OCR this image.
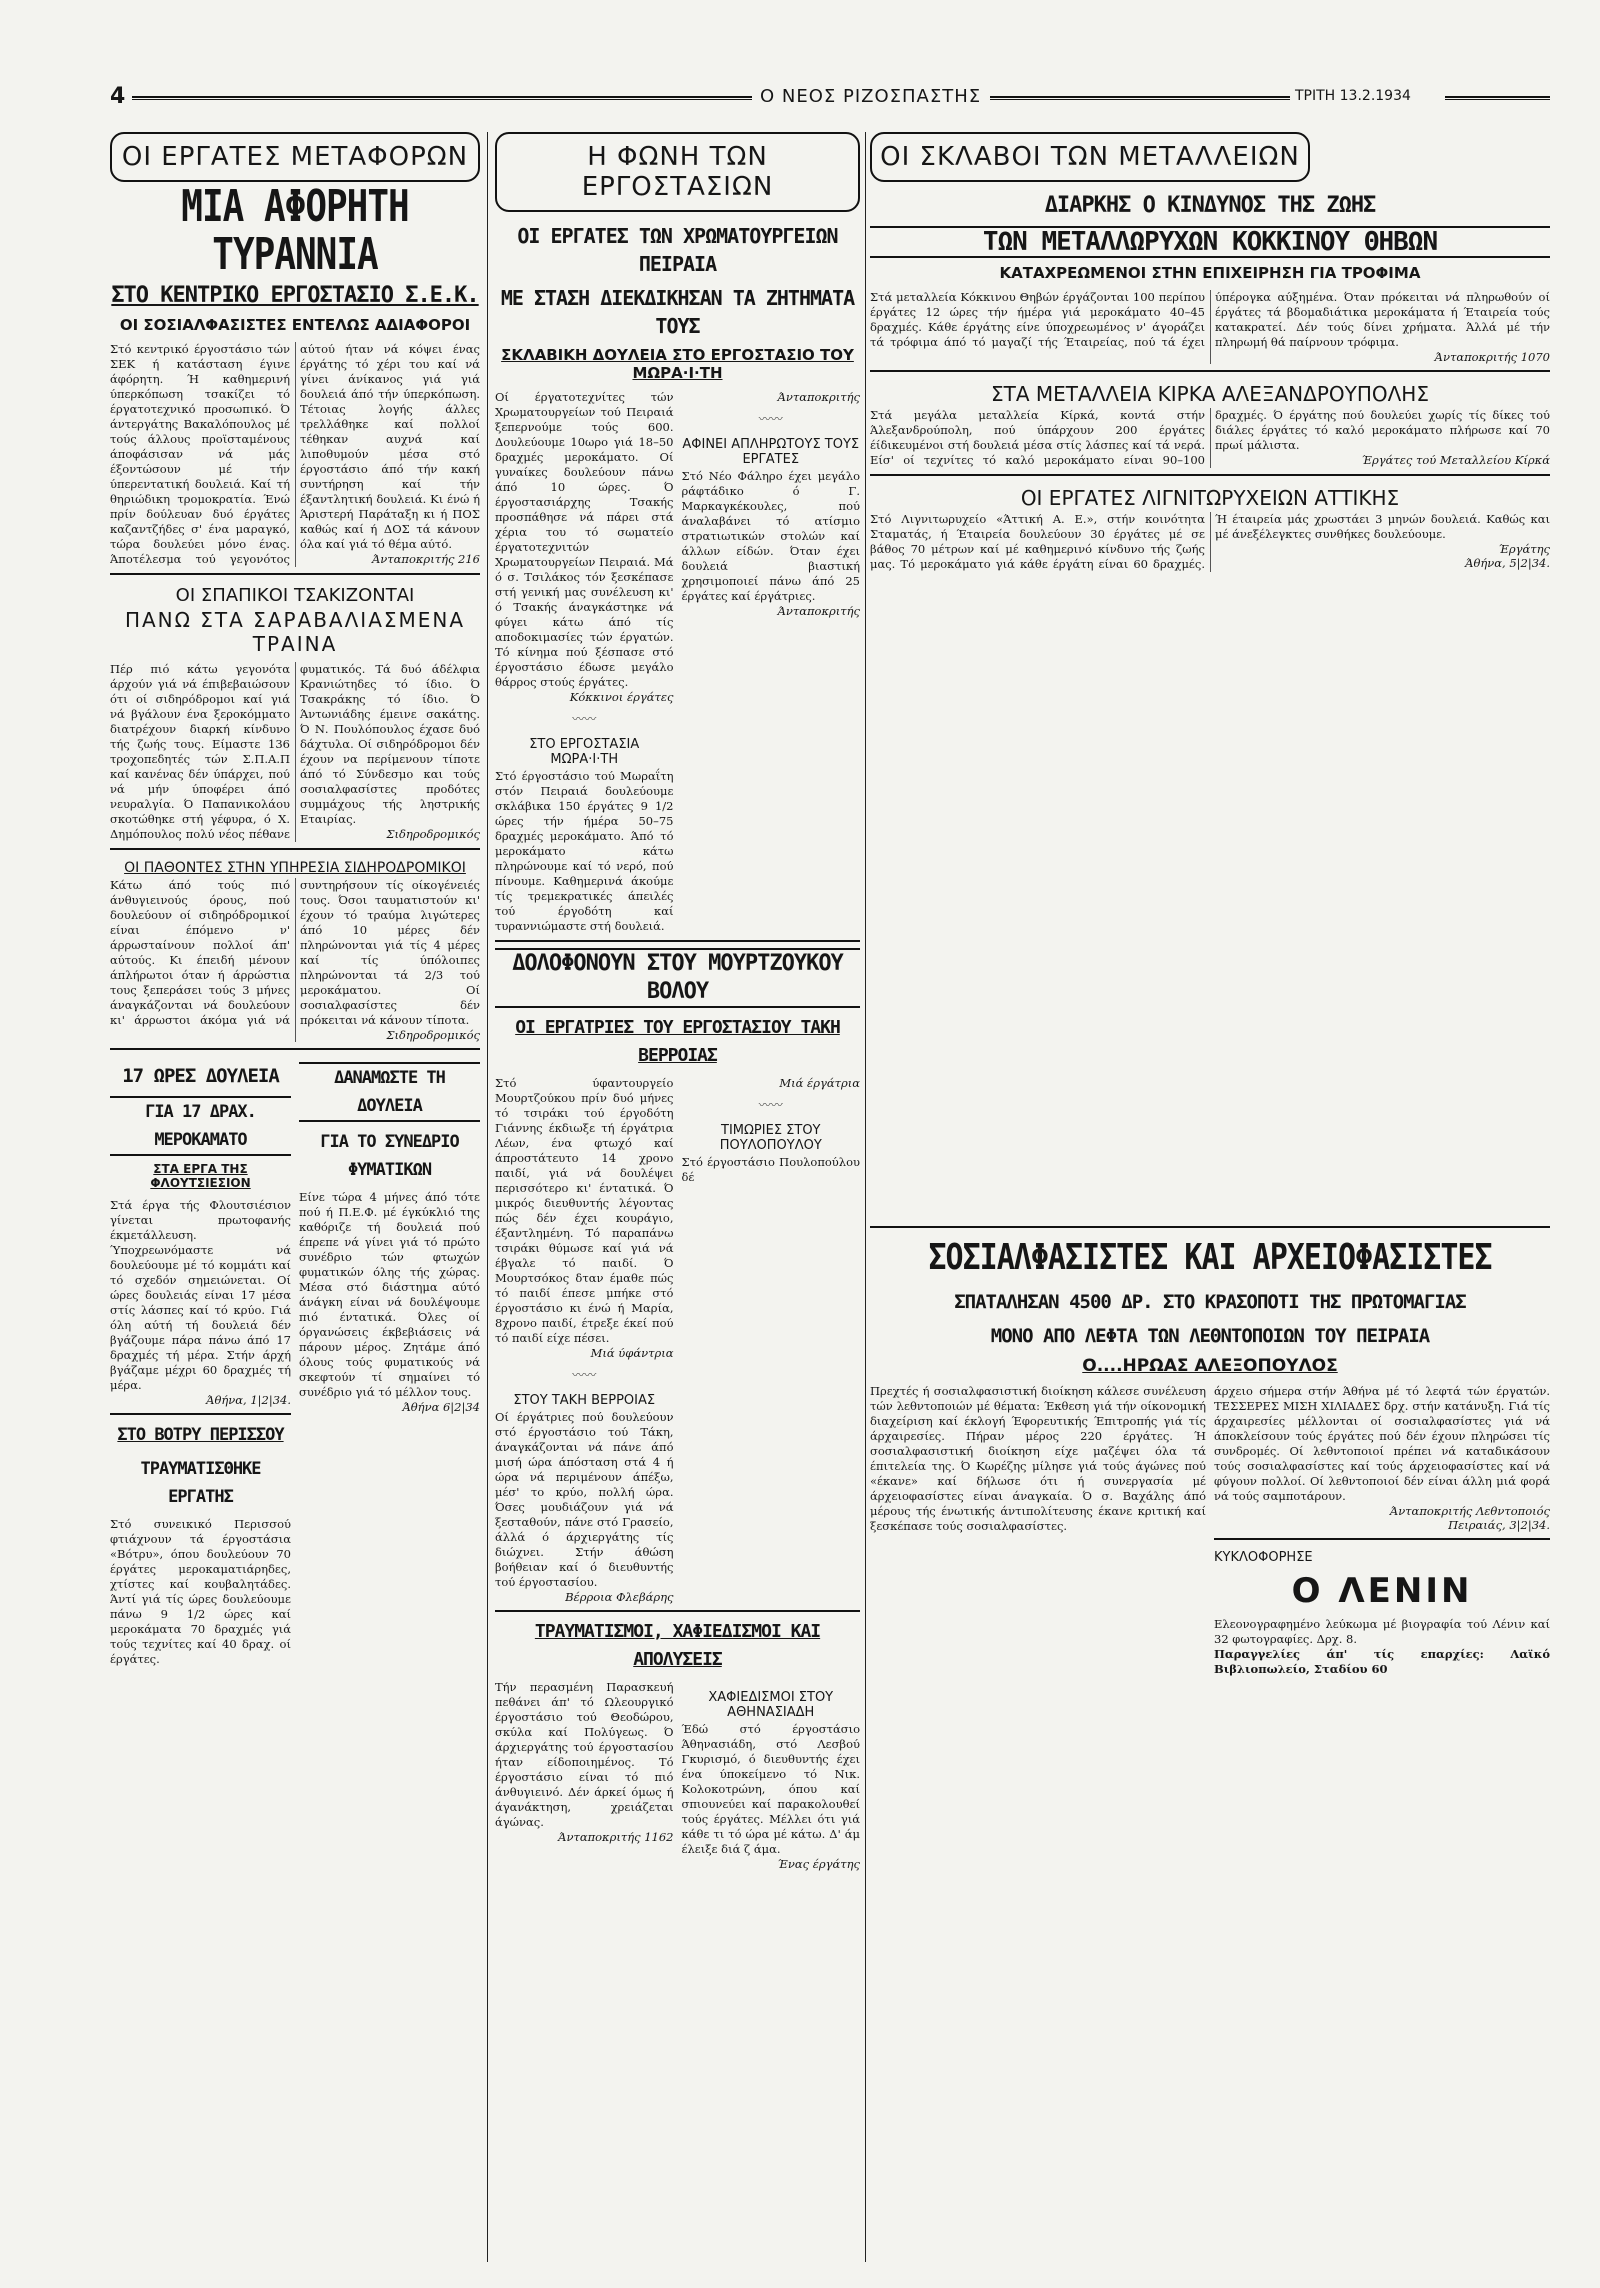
4	Ο ΝΕΟΣ ΡΙΖΟΣΠΑΣΤΗΣ	ΤΡΙΤΗ 13.2.1934
ΟΙ ΕΡΓΑΤΕΣ ΜΕΤΑΦΟΡΩΝ
ΜΙΑ ΑΦΟΡΗΤΗ ΤΥΡΑΝΝΙΑ
ΣΤΟ ΚΕΝΤΡΙΚΟ ΕΡΓΟΣΤΑΣΙΟ Σ.Ε.Κ.
ΟΙ ΣΟΣΙΑΛΦΑΣΙΣΤΕΣ ΕΝΤΕΛΩΣ ΑΔΙΑΦΟΡΟΙ
Στό κεντρικό έργοστάσιο τών ΣΕΚ ή κατάσταση έγινε άφόρητη. Ή καθημερινή ύπερκόπωση τσακίζει τό έργατοτεχνικό προσωπικό. Ό άντεργάτης Βακαλόπουλος μέ τούς άλλους προϊσταμένους άποφάσισαν νά μάς έξοντώσουν μέ τήν ύπερεντατική δουλειά. Καί τή θηριώδικη τρομοκρατία. Ένώ πρίν δούλευαν δυό έργάτες καζαντζήδες σ' ένα μαραγκό, τώρα δουλεύει μόνο ένας. Άποτέλεσμα τού γεγονότος αύτού ήταν νά κόψει ένας έργάτης τό χέρι του καί νά γίνει άνίκανος γιά γιά δουλειά άπό τήν ύπερκόπωση. Τέτοιας λογής άλλες τρελλάθηκε καί πολλοί τέθηκαν αυχνά καί λιποθυμούν μέσα στό έργοστάσιο άπό τήν κακή συντήρηση καί τήν έξαντλητική δουλειά. Κι ένώ ή Άριστερή Παράταξη κι ή ΠΟΣ καθώς καί ή ΔΟΣ τά κάνουν όλα καί γιά τό θέμα αύτό.
Άνταποκριτής 216
ΟΙ ΣΠΑΠΙΚΟΙ ΤΣΑΚΙΖΟΝΤΑΙ
ΠΑΝΩ ΣΤΑ ΣΑΡΑΒΑΛΙΑΣΜΕΝΑ ΤΡΑΙΝΑ
Πέρ πιό κάτω γεγονότα άρχούν γιά νά έπιβεβαιώσουν ότι οί σιδηρόδρομοι καί γιά νά βγάλουν ένα ξεροκόμματο διατρέχουν διαρκή κίνδυνο τής ζωής τους. Είμαστε 136 τροχοπεδητές τών Σ.Π.Α.Π καί κανένας δέν ύπάρχει, πού νά μήν ύποφέρει άπό νευραλγία. Ό Παπανικολάου σκοτώθηκε στή γέφυρα, ό Χ. Δημόπουλος πολύ νέος πέθανε φυματικός. Τά δυό άδέλφια Κρανιώτηδες τό ίδιο. Ό Τσακράκης τό ίδιο. Ό Άντωνιάδης έμεινε σακάτης. Ό Ν. Πουλόπουλος έχασε δυό δάχτυλα. Οί σιδηρόδρομοι δέν έχουν να περίμενουν τίποτε άπό τό Σύνδεσμο και τούς σοσιαλφασίστες προδότες συμμάχους τής ληστρικής Εταιρίας.
Σιδηροδρομικός
ΟΙ ΠΑΘΟΝΤΕΣ ΣΤΗΝ ΥΠΗΡΕΣΙΑ ΣΙΔΗΡΟΔΡΟΜΙΚΟΙ
Κάτω άπό τούς πιό άνθυγιεινούς όρους, πού δουλεύουν οί σιδηρόδρομικοί είναι έπόμενο ν' άρρωσταίνουν πολλοί άπ' αύτούς. Κι έπειδή μένουν άπλήρωτοι όταν ή άρρώστια τους ξεπεράσει τούς 3 μήνες άναγκάζονται νά δουλεύουν κι' άρρωστοι άκόμα γιά νά συντηρήσουν τίς οίκογένειές τους. Όσοι ταυματιστούν κι' έχουν τό τραύμα λιγώτερες άπό 10 μέρες δέν πληρώνονται γιά τίς 4 μέρες καί τίς ύπόλοιπες πληρώνονται τά 2/3 τού μεροκάματου. Οί σοσιαλφασίστες δέν πρόκειται νά κάνουν τίποτα.
Σιδηροδρομικός
17 ΩΡΕΣ ΔΟΥΛΕΙΑ
ΓΙΑ 17 ΔΡΑΧ. ΜΕΡΟΚΑΜΑΤΟ
ΣΤΑ ΕΡΓΑ ΤΗΣ ΦΛΟΥΤΣΙΕΣΙΟΝ
Στά έργα τής Φλουτσιέσιον γίνεται πρωτοφανής έκμετάλλευση. Ύποχρεωνόμαστε νά δουλεύουμε μέ τό κομμάτι καί τό σχεδόν σημειώνεται. Οί ώρες δουλειάς είναι 17 μέσα στίς λάσπες καί τό κρύο. Γιά όλη αύτή τή δουλειά δέν βγάζουμε πάρα πάνω άπό 17 δραχμές τή μέρα. Στήν άρχή βγάζαμε μέχρι 60 δραχμές τή μέρα.
Άθήνα, 1|2|34.
ΣΤΟ ΒΟΤΡΥ ΠΕΡΙΣΣΟΥ
ΤΡΑΥΜΑΤΙΣΘΗΚΕ ΕΡΓΑΤΗΣ
Στό συνεικικό Περισσού φτιάχνουν τά έργοστάσια «Βότρυ», όπου δουλεύουν 70 έργάτες μεροκαματιάρηδες, χτίστες καί κουβαλητάδες. Άντί γιά τίς ώρες δουλεύουμε πάνω 9 1/2 ώρες καί μεροκάματα 70 δραχμές γιά τούς τεχνίτες καί 40 δραχ. οί έργάτες.
ΔΑΝΑΜΩΣΤΕ ΤΗ ΔΟΥΛΕΙΑ
ΓΙΑ ΤΟ ΣΥΝΕΔΡΙΟ ΦΥΜΑΤΙΚΩΝ
Είνε τώρα 4 μήνες άπό τότε πού ή Π.Ε.Φ. μέ έγκύκλιό της καθόριζε τή δουλειά πού έπρεπε νά γίνει γιά τό πρώτο συνέδριο τών φτωχών φυματικών όλης τής χώρας. Μέσα στό διάστημα αύτό άνάγκη είναι νά δουλέψουμε πιό έντατικά. Όλες οί όργανώσεις έκβεβιάσεις νά πάρουν μέρος. Ζητάμε άπό όλους τούς φυματικούς νά σκεφτούν τί σημαίνει τό συνέδριο γιά τό μέλλον τους.
Άθήνα 6|2|34
Η ΦΩΝΗ ΤΩΝ ΕΡΓΟΣΤΑΣΙΩΝ
ΟΙ ΕΡΓΑΤΕΣ ΤΩΝ ΧΡΩΜΑΤΟΥΡΓΕΙΩΝ ΠΕΙΡΑΙΑ
ΜΕ ΣΤΑΣΗ ΔΙΕΚΔΙΚΗΣΑΝ ΤΑ ΖΗΤΗΜΑΤΑ ΤΟΥΣ
ΣΚΛΑΒΙΚΗ ΔΟΥΛΕΙΑ ΣΤΟ ΕΡΓΟΣΤΑΣΙΟ ΤΟΥ ΜΩΡΑ·Ι·ΤΗ
Οί έργατοτεχνίτες τών Χρωματουργείων τού Πειραιά ξεπερνούμε τούς 600. Δουλεύουμε 10ωρο γιά 18–50 δραχμές μεροκάματο. Οί γυναίκες δουλεύουν πάνω άπό 10 ώρες. Ό έργοστασιάρχης Τσακής προσπάθησε νά πάρει στά χέρια του τό σωματείο έργατοτεχνιτών Χρωματουργείων Πειραιά. Μά ό σ. Τσιλάκος τόν ξεσκέπασε στή γενική μας συνέλευση κι' ό Τσακής άναγκάστηκε νά φύγει κάτω άπό τίς αποδοκιμασίες τών έργατών. Τό κίνημα πού ξέσπασε στό έργοστάσιο έδωσε μεγάλο θάρρος στούς έργάτες.
Κόκκινοι έργάτες
〰〰
ΣΤΟ ΕΡΓΟΣΤΑΣΙΑ ΜΩΡΑ·Ι·ΤΗ
Στό έργοστάσιο τού Μωραΐτη στόν Πειραιά δουλεύουμε σκλάβικα 150 έργάτες 9 1/2 ώρες τήν ήμέρα 50–75 δραχμές μεροκάματο. Άπό τό μεροκάματο κάτω πληρώνουμε καί τό νερό, πού πίνουμε. Καθημερινά άκούμε τίς τρεμεκρατικές άπειλές τού έργοδότη καί τυραννιώμαστε στή δουλειά.
Άνταποκριτής
〰〰
ΑΦΙΝΕΙ ΑΠΛΗΡΩΤΟΥΣ ΤΟΥΣ ΕΡΓΑΤΕΣ
Στό Νέο Φάληρο έχει μεγάλο ράφτάδικο ό Γ. Μαρκαγκέκουλες, πού άναλαβάνει τό ατίσμιο στρατιωτικών στολών καί άλλων είδών. Όταν έχει δουλειά βιαστική χρησιμοποιεί πάνω άπό 25 έργάτες καί έργάτριες.
Άνταποκριτής
ΔΟΛΟΦΟΝΟΥΝ ΣΤΟΥ ΜΟΥΡΤΖΟΥΚΟΥ ΒΟΛΟΥ
ΟΙ ΕΡΓΑΤΡΙΕΣ ΤΟΥ ΕΡΓΟΣΤΑΣΙΟΥ ΤΑΚΗ ΒΕΡΡΟΙΑΣ
Στό ύφαντουργείο Μουρτζούκου πρίν δυό μήνες τό τσιράκι τού έργοδότη Γιάννης έκδιωξε τή έργάτρια Λέων, ένα φτωχό καί άπροστάτευτο 14 χρονο παιδί, γιά νά δουλέψει περισσότερο κι' έντατικά. Ό μικρός διευθυντής λέγοντας πώς δέν έχει κουράγιο, έξαντλημένη. Τό παραπάνω τσιράκι θύμωσε καί γιά νά έβγαλε τό παιδί. Ό Μουρτσόκος δταν έμαθε πώς τό παιδί έπεσε μπήκε στό έργοστάσιο κι ένώ ή Μαρία, 8χρονο παιδί, έτρεξε έκεί πού τό παιδί είχε πέσει.
Μιά ύφάντρια
〰〰
ΣΤΟΥ ΤΑΚΗ ΒΕΡΡΟΙΑΣ
Οί έργάτριες πού δουλεύουν στό έργοστάσιο τού Τάκη, άναγκάζονται νά πάνε άπό μισή ώρα άπόσταση στά 4 ή ώρα νά περιμένουν άπέξω, μέσ' το κρύο, πολλή ώρα. Όσες μουδιάζουν γιά νά ξεσταθούν, πάνε στό Γρασείο, άλλά ό άρχιεργάτης τίς διώχνει. Στήν άθώση βοήθειαν καί ό διευθυντής τού έργοστασίου.
Βέρροια Φλεβάρης
Μιά έργάτρια
〰〰
ΤΙΜΩΡΙΕΣ ΣΤΟΥ ΠΟΥΛΟΠΟΥΛΟΥ
Στό έργοστάσιο Πουλοπούλου δέ
ΤΡΑΥΜΑΤΙΣΜΟΙ, ΧΑΦΙΕΔΙΣΜΟΙ ΚΑΙ ΑΠΟΛΥΣΕΙΣ
Τήν περασμένη Παρασκευή πεθάνει άπ' τό Ωλεουργικό έργοστάσιο τού Θεοδώρου, σκύλα καί Πολύγεως. Ό άρχιεργάτης τού έργοστασίου ήταν είδοποιημένος. Τό έργοστάσιο είναι τό πιό άνθυγιεινό. Δέν άρκεί όμως ή άγανάκτηση, χρειάζεται άγώνας.
Άνταποκριτής 1162
ΧΑΦΙΕΔΙΣΜΟΙ ΣΤΟΥ ΑΘΗΝΑΣΙΑΔΗ
Έδώ στό έργοστάσιο Άθηνασιάδη, στό Λεσβού Γκυρισμό, ό διευθυντής έχει ένα ύποκείμενο τό Νικ. Κολοκοτρώνη, όπου καί σπιουνεύει καί παρακολουθεί τούς έργάτες. Μέλλει ότι γιά κάθε τι τό ώρα μέ κάτω. Δ' άμ έλειξε διά ζ άμα.
Ένας έργάτης
ΟΙ ΣΚΛΑΒΟΙ ΤΩΝ ΜΕΤΑΛΛΕΙΩΝ
ΔΙΑΡΚΗΣ Ο ΚΙΝΔΥΝΟΣ ΤΗΣ ΖΩΗΣ
ΤΩΝ ΜΕΤΑΛΛΩΡΥΧΩΝ ΚΟΚΚΙΝΟΥ ΘΗΒΩΝ
ΚΑΤΑΧΡΕΩΜΕΝΟΙ ΣΤΗΝ ΕΠΙΧΕΙΡΗΣΗ ΓΙΑ ΤΡΟΦΙΜΑ
Στά μεταλλεία Κόκκινου Θηβών έργάζονται 100 περίπου έργάτες 12 ώρες τήν ήμέρα γιά μεροκάματο 40–45 δραχμές. Κάθε έργάτης είνε ύποχρεωμένος ν' άγοράζει τά τρόφιμα άπό τό μαγαζί τής Έταιρείας, πού τά έχει ύπέρογκα αύξημένα. Όταν πρόκειται νά πληρωθούν οί έργάτες τά βδομαδιάτικα μεροκάματα ή Έταιρεία τούς κατακρατεί. Δέν τούς δίνει χρήματα. Άλλά μέ τήν πληρωμή θά παίρνουν τρόφιμα.
Άνταποκριτής 1070
ΣΤΑ ΜΕΤΑΛΛΕΙΑ ΚΙΡΚΑ ΑΛΕΞΑΝΔΡΟΥΠΟΛΗΣ
Στά μεγάλα μεταλλεία Κίρκά, κοντά στήν Άλεξανδρούπολη, πού ύπάρχουν 200 έργάτες έίδικευμένοι στή δουλειά μέσα στίς λάσπες καί τά νερά. Είσ' οί τεχνίτες τό καλό μεροκάματο είναι 90–100 δραχμές. Ό έργάτης πού δουλεύει χωρίς τίς δίκες τού διάλες έργάτες τό καλό μεροκάματο πλήρωσε καί 70 πρωί μάλιστα.
Έργάτες τού Μεταλλείου Κίρκά
ΟΙ ΕΡΓΑΤΕΣ ΛΙΓΝΙΤΩΡΥΧΕΙΩΝ ΑΤΤΙΚΗΣ
Στό Λιγνιτωρυχείο «Άττική Α. Ε.», στήν κοινότητα Σταματάς, ή Έταιρεία δουλεύουν 30 έργάτες μέ σε βάθος 70 μέτρων καί μέ καθημερινό κίνδυνο τής ζωής μας. Τό μεροκάματο γιά κάθε έργάτη είναι 60 δραχμές. Ή έταιρεία μάς χρωστάει 3 μηνών δουλειά. Καθώς και μέ άνεξέλεγκτες συνθήκες δουλεύουμε.
Έργάτης
Άθήνα, 5|2|34.
ΣΟΣΙΑΛΦΑΣΙΣΤΕΣ ΚΑΙ ΑΡΧΕΙΟΦΑΣΙΣΤΕΣ
ΣΠΑΤΑΛΗΣΑΝ 4500 ΔΡ. ΣΤΟ ΚΡΑΣΟΠΟΤΙ ΤΗΣ ΠΡΩΤΟΜΑΓΙΑΣ
ΜΟΝΟ ΑΠΟ ΛΕΦΤΑ ΤΩΝ ΛΕΘΝΤΟΠΟΙΩΝ ΤΟΥ ΠΕΙΡΑΙΑ
Ο....ΗΡΩΑΣ ΑΛΕΞΟΠΟΥΛΟΣ
Πρεχτές ή σοσιαλφασιστική διοίκηση κάλεσε συνέλευση τών λεθντοποιών μέ θέματα: Έκθεση γιά τήν οίκονομική διαχείριση καί έκλογή Έφορευτικής Έπιτροπής γιά τίς άρχαιρεσίες. Πήραν μέρος 220 έργάτες. Ή σοσιαλφασιστική διοίκηση είχε μαζέψει όλα τά έπιτελεία της. Ό Κωρέζης μίλησε γιά τούς άγώνες πού «έκανε» καί δήλωσε ότι ή συνεργασία μέ άρχειοφασίστες είναι άναγκαία. Ό σ. Βαχάλης άπό μέρους τής ένωτικής άντιπολίτευσης έκανε κριτική καί ξεσκέπασε τούς σοσιαλφασίστες.
άρχειο σήμερα στήν Άθήνα μέ τό λεφτά τών έργατών. ΤΕΣΣΕΡΕΣ ΜΙΣΗ ΧΙΛΙΑΔΕΣ δρχ. στήν κατάνυξη. Γιά τίς άρχαιρεσίες μέλλονται οί σοσιαλφασίστες γιά νά άποκλείσουν τούς έργάτες πού δέν έχουν πληρώσει τίς συνδρομές. Οί λεθντοποιοί πρέπει νά καταδικάσουν τούς σοσιαλφασίστες καί τούς άρχειοφασίστες καί νά φύγουν πολλοί. Οί λεθντοποιοί δέν είναι άλλη μιά φορά νά τούς σαμποτάρουν.
Άνταποκριτής Λεθντοποιός
Πειραιάς, 3|2|34.
ΚΥΚΛΟΦΟΡΗΣΕ
Ο ΛΕΝΙΝ
Ελεονογραφημένο λεύκωμα μέ βιογραφία τού Λένιν καί 32 φωτογραφίες. Δρχ. 8.
Παραγγελίες άπ' τίς επαρχίες: Λαϊκό Βιβλιοπωλείο, Σταδίου 60
